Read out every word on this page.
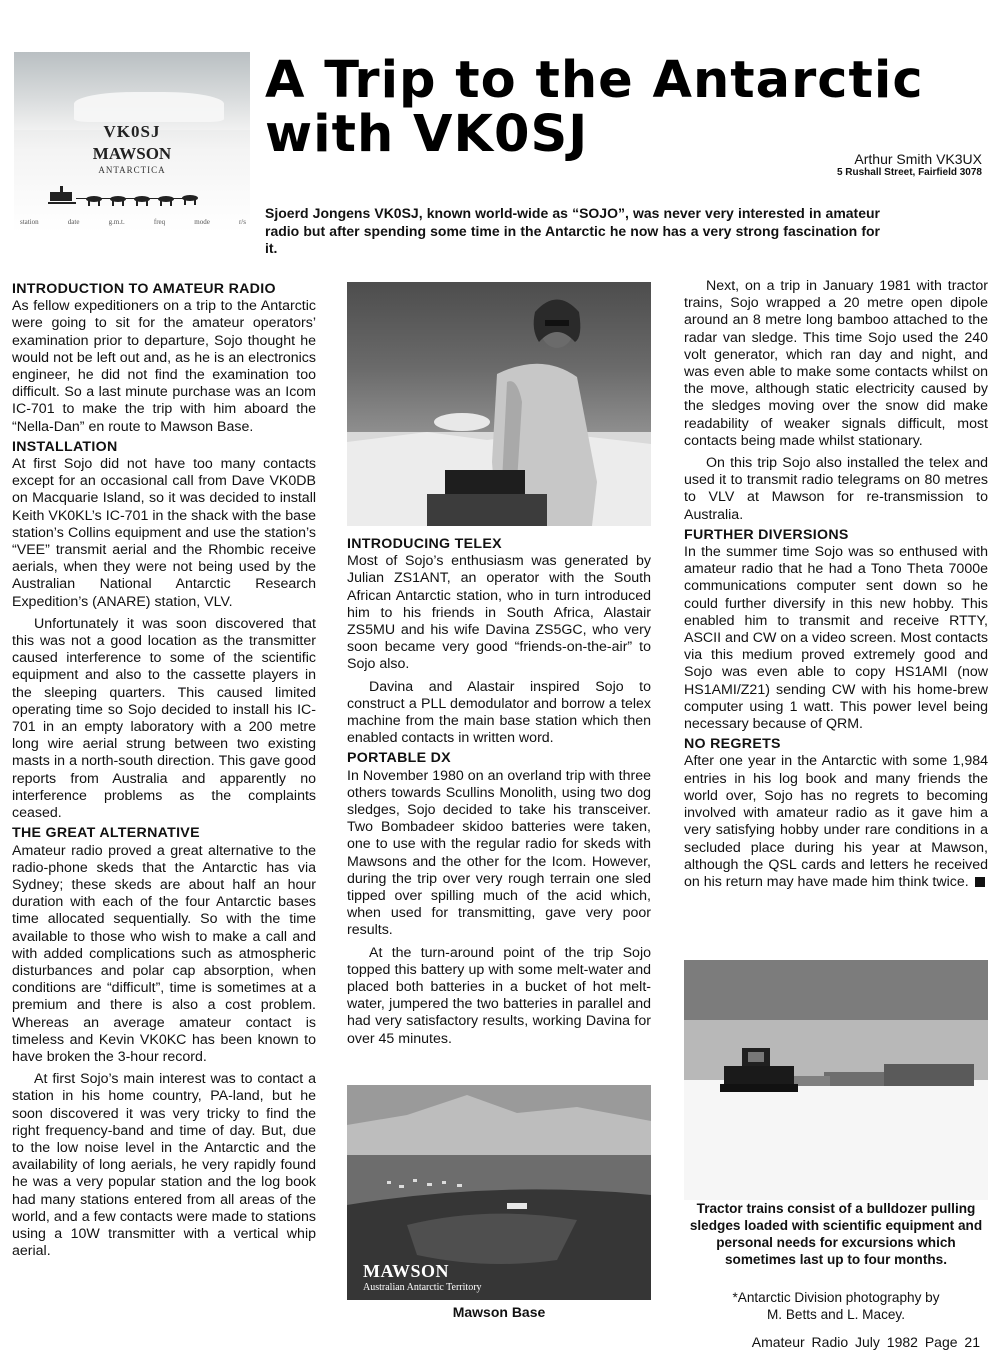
VK0SJ
MAWSON
ANTARCTICA
station	date	g.m.t.	freq	mode	r/s
A Trip to the Antarctic
with VK0SJ	Arthur Smith VK3UX
5 Rushall Street, Fairfield 3078
Sjoerd Jongens VK0SJ, known world-wide as “SOJO”, was never very interested in amateur radio but after spending some time in the Antarctic he now has a very strong fascination for it.
INTRODUCTION TO AMATEUR RADIO

As fellow expeditioners on a trip to the Antarctic were going to sit for the amateur operators’ examination prior to departure, Sojo thought he would not be left out and, as he is an electronics engineer, he did not find the examination too difficult. So a last minute purchase was an Icom IC-701 to make the trip with him aboard the “Nella-Dan” en route to Mawson Base.

INSTALLATION

At first Sojo did not have too many contacts except for an occasional call from Dave VK0DB on Macquarie Island, so it was decided to install Keith VK0KL’s IC-701 in the shack with the base station’s Collins equipment and use the station’s “VEE” transmit aerial and the Rhombic receive aerials, when they were not being used by the Australian National Antarctic Research Expedition’s (ANARE) station, VLV.

Unfortunately it was soon discovered that this was not a good location as the transmitter caused interference to some of the scientific equipment and also to the cassette players in the sleeping quarters. This caused limited operating time so Sojo decided to install his IC-701 in an empty laboratory with a 200 metre long wire aerial strung between two existing masts in a north-south direction. This gave good reports from Australia and apparently no interference problems as the complaints ceased.

THE GREAT ALTERNATIVE

Amateur radio proved a great alternative to the radio-phone skeds that the Antarctic has via Sydney; these skeds are about half an hour duration with each of the four Antarctic bases time allocated sequentially. So with the time available to those who wish to make a call and with added complications such as atmospheric disturbances and polar cap absorption, when conditions are “difficult”, time is sometimes at a premium and there is also a cost problem. Whereas an average amateur contact is timeless and Kevin VK0KC has been known to have broken the 3-hour record.

At first Sojo’s main interest was to contact a station in his home country, PA-land, but he soon discovered it was very tricky to find the right frequency-band and time of day. But, due to the low noise level in the Antarctic and the availability of long aerials, he very rapidly found he was a very popular station and the log book had many stations entered from all areas of the world, and a few contacts were made to stations using a 10W transmitter with a vertical whip aerial.

INTRODUCING TELEX

Most of Sojo’s enthusiasm was generated by Julian ZS1ANT, an operator with the South African Antarctic station, who in turn introduced him to his friends in South Africa, Alastair ZS5MU and his wife Davina ZS5GC, who very soon became very good “friends-on-the-air” to Sojo also.

Davina and Alastair inspired Sojo to construct a PLL demodulator and borrow a telex machine from the main base station which then enabled contacts in written word.

PORTABLE DX

In November 1980 on an overland trip with three others towards Scullins Monolith, using two dog sledges, Sojo decided to take his transceiver. Two Bombadeer skidoo batteries were taken, one to use with the regular radio for skeds with Mawsons and the other for the Icom. However, during the trip over very rough terrain one sled tipped over spilling much of the acid which, when used for transmitting, gave very poor results.

At the turn-around point of the trip Sojo topped this battery up with some melt-water and placed both batteries in a bucket of hot melt-water, jumpered the two batteries in parallel and had very satisfactory results, working Davina for over 45 minutes.

MAWSON
Australian Antarctic Territory
Mawson Base

Next, on a trip in January 1981 with tractor trains, Sojo wrapped a 20 metre open dipole around an 8 metre long bamboo attached to the radar van sledge. This time Sojo used the 240 volt generator, which ran day and night, and was even able to make some contacts whilst on the move, although static electricity caused by the sledges moving over the snow did make readability of weaker signals difficult, most contacts being made whilst stationary.

On this trip Sojo also installed the telex and used it to transmit radio telegrams on 80 metres to VLV at Mawson for re-transmission to Australia.

FURTHER DIVERSIONS

In the summer time Sojo was so enthused with amateur radio that he had a Tono Theta 7000e communications computer sent down so he could further diversify in this new hobby. This enabled him to transmit and receive RTTY, ASCII and CW on a video screen. Most contacts via this medium proved extremely good and Sojo was even able to copy HS1AMI (now HS1AMI/Z21) sending CW with his home-brew computer using 1 watt. This power level being necessary because of QRM.

NO REGRETS

After one year in the Antarctic with some 1,984 entries in his log book and many friends the world over, Sojo has no regrets to becoming involved with amateur radio as it gave him a very satisfying hobby under rare conditions in a secluded place during his year at Mawson, although the QSL cards and letters he received on his return may have made him think twice.

Tractor trains consist of a bulldozer pulling sledges loaded with scientific equipment and personal needs for excursions which sometimes last up to four months.
*Antarctic Division photography by
M. Betts and L. Macey.
Amateur Radio July 1982 Page 21
